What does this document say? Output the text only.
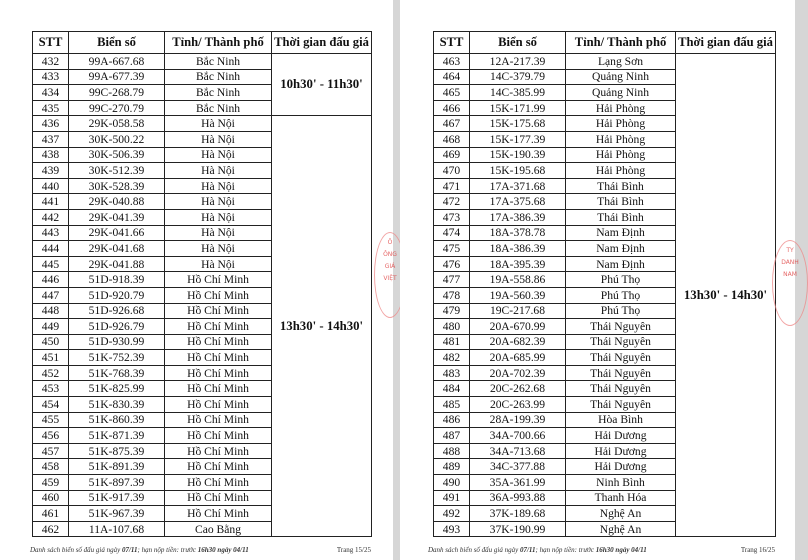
STT	Biển số	Tỉnh/ Thành phố	Thời gian đấu giá
432	99A-667.68	Bắc Ninh	10h30' - 11h30'
433	99A-677.39	Bắc Ninh	
434	99C-268.79	Bắc Ninh	
435	99C-270.79	Bắc Ninh	
436	29K-058.58	Hà Nội	13h30' - 14h30'
437	30K-500.22	Hà Nội	
438	30K-506.39	Hà Nội	
439	30K-512.39	Hà Nội	
440	30K-528.39	Hà Nội	
441	29K-040.88	Hà Nội	
442	29K-041.39	Hà Nội	
443	29K-041.66	Hà Nội	
444	29K-041.68	Hà Nội	
445	29K-041.88	Hà Nội	
446	51D-918.39	Hồ Chí Minh	
447	51D-920.79	Hồ Chí Minh	
448	51D-926.68	Hồ Chí Minh	
449	51D-926.79	Hồ Chí Minh	
450	51D-930.99	Hồ Chí Minh	
451	51K-752.39	Hồ Chí Minh	
452	51K-768.39	Hồ Chí Minh	
453	51K-825.99	Hồ Chí Minh	
454	51K-830.39	Hồ Chí Minh	
455	51K-860.39	Hồ Chí Minh	
456	51K-871.39	Hồ Chí Minh	
457	51K-875.39	Hồ Chí Minh	
458	51K-891.39	Hồ Chí Minh	
459	51K-897.39	Hồ Chí Minh	
460	51K-917.39	Hồ Chí Minh	
461	51K-967.39	Hồ Chí Minh	
462	11A-107.68	Cao Bằng	
Danh sách biển số đấu giá ngày 07/11; hạn nộp tiền: trước 16h30 ngày 04/11	Trang 15/25
Ô
ÔNG
GIÁ
VIỆT
STT	Biển số	Tỉnh/ Thành phố	Thời gian đấu giá
463	12A-217.39	Lạng Sơn	13h30' - 14h30'
464	14C-379.79	Quảng Ninh	
465	14C-385.99	Quảng Ninh	
466	15K-171.99	Hải Phòng	
467	15K-175.68	Hải Phòng	
468	15K-177.39	Hải Phòng	
469	15K-190.39	Hải Phòng	
470	15K-195.68	Hải Phòng	
471	17A-371.68	Thái Bình	
472	17A-375.68	Thái Bình	
473	17A-386.39	Thái Bình	
474	18A-378.78	Nam Định	
475	18A-386.39	Nam Định	
476	18A-395.39	Nam Định	
477	19A-558.86	Phú Thọ	
478	19A-560.39	Phú Thọ	
479	19C-217.68	Phú Thọ	
480	20A-670.99	Thái Nguyên	
481	20A-682.39	Thái Nguyên	
482	20A-685.99	Thái Nguyên	
483	20A-702.39	Thái Nguyên	
484	20C-262.68	Thái Nguyên	
485	20C-263.99	Thái Nguyên	
486	28A-199.39	Hòa Bình	
487	34A-700.66	Hải Dương	
488	34A-713.68	Hải Dương	
489	34C-377.88	Hải Dương	
490	35A-361.99	Ninh Bình	
491	36A-993.88	Thanh Hóa	
492	37K-189.68	Nghệ An	
493	37K-190.99	Nghệ An	
Danh sách biển số đấu giá ngày 07/11; hạn nộp tiền: trước 16h30 ngày 04/11	Trang 16/25
TY
DANH
NAM
